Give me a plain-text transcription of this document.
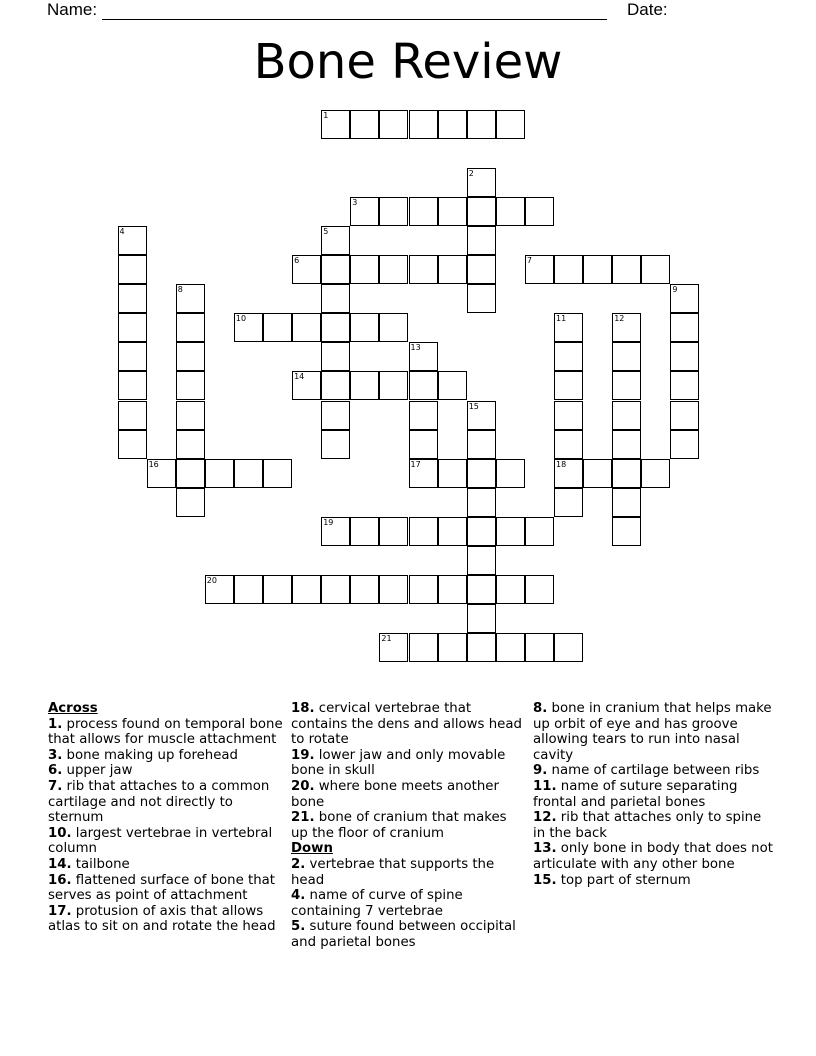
Name:	Date:
Bone Review
1
2
3
4	5
6	7
8	9
10	11	12
13
14
15
16	17	18
19
20
21
Across
1. process found on temporal bone that allows for muscle attachment
3. bone making up forehead
6. upper jaw
7. rib that attaches to a common cartilage and not directly to sternum
10. largest vertebrae in vertebral column
14. tailbone
16. flattened surface of bone that serves as point of attachment
17. protusion of axis that allows atlas to sit on and rotate the head
18. cervical vertebrae that contains the dens and allows head to rotate
19. lower jaw and only movable bone in skull
20. where bone meets another bone
21. bone of cranium that makes up the floor of cranium
Down
2. vertebrae that supports the head
4. name of curve of spine containing 7 vertebrae
5. suture found between occipital and parietal bones
8. bone in cranium that helps make up orbit of eye and has groove allowing tears to run into nasal cavity
9. name of cartilage between ribs
11. name of suture separating frontal and parietal bones
12. rib that attaches only to spine in the back
13. only bone in body that does not articulate with any other bone
15. top part of sternum
